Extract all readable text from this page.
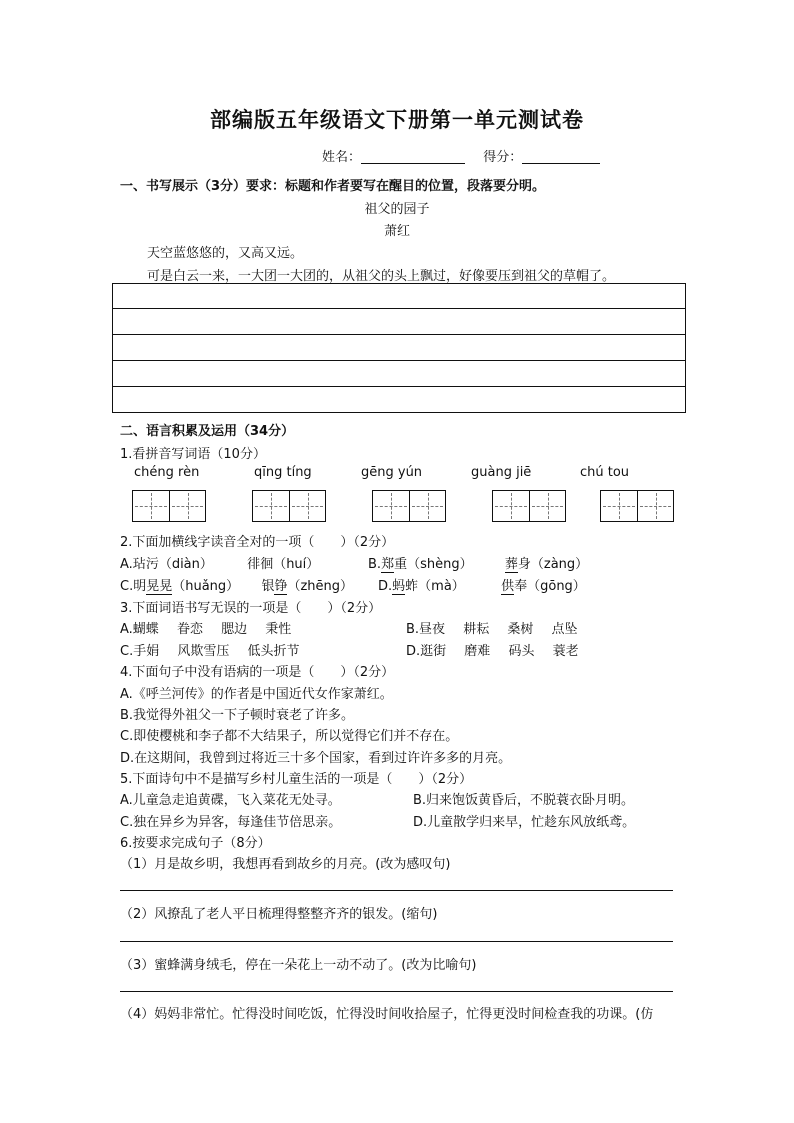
部编版五年级语文下册第一单元测试卷
姓名：	得分：
一、书写展示（3分）要求：标题和作者要写在醒目的位置，段落要分明。
祖父的园子
萧红
天空蓝悠悠的，又高又远。
可是白云一来，一大团一大团的，从祖父的头上飘过，好像要压到祖父的草帽了。
二、语言积累及运用（34分）
1.看拼音写词语（10分）
chéng rèn	qīng tíng	gēng yún	guàng jiē	chú tou
2.下面加横线字读音全对的一项（　　）（2分）
A.玷污（diàn）	徘徊（huí）	B.郑重（shèng） 葬身（zàng）
C.明晃晃（huǎng） 银铮（zhēng） D.蚂蚱（mà）	供奉（gōng）
3.下面词语书写无误的一项是（　　）（2分）
A.蝴蝶 眷恋 腮边 秉性	B.昼夜 耕耘 桑树 点坠
C.手娟 风欺雪压 低头折节	D.逛街 磨难 码头 蓑老
4.下面句子中没有语病的一项是（　　）（2分）
A.《呼兰河传》的作者是中国近代女作家萧红。
B.我觉得外祖父一下子顿时衰老了许多。
C.即使樱桃和李子都不大结果子，所以觉得它们并不存在。
D.在这期间，我曾到过将近三十多个国家，看到过许许多多的月亮。
5.下面诗句中不是描写乡村儿童生活的一项是（　　）（2分）
A.儿童急走追黄碟，飞入菜花无处寻。	B.归来饱饭黄昏后，不脱蓑衣卧月明。
C.独在异乡为异客，每逢佳节倍思亲。	D.儿童散学归来早，忙趁东风放纸鸢。
6.按要求完成句子（8分）
（1）月是故乡明，我想再看到故乡的月亮。(改为感叹句)
（2）风撩乱了老人平日梳理得整整齐齐的银发。(缩句)
（3）蜜蜂满身绒毛，停在一朵花上一动不动了。(改为比喻句)
（4）妈妈非常忙。忙得没时间吃饭，忙得没时间收拾屋子，忙得更没时间检查我的功课。(仿
